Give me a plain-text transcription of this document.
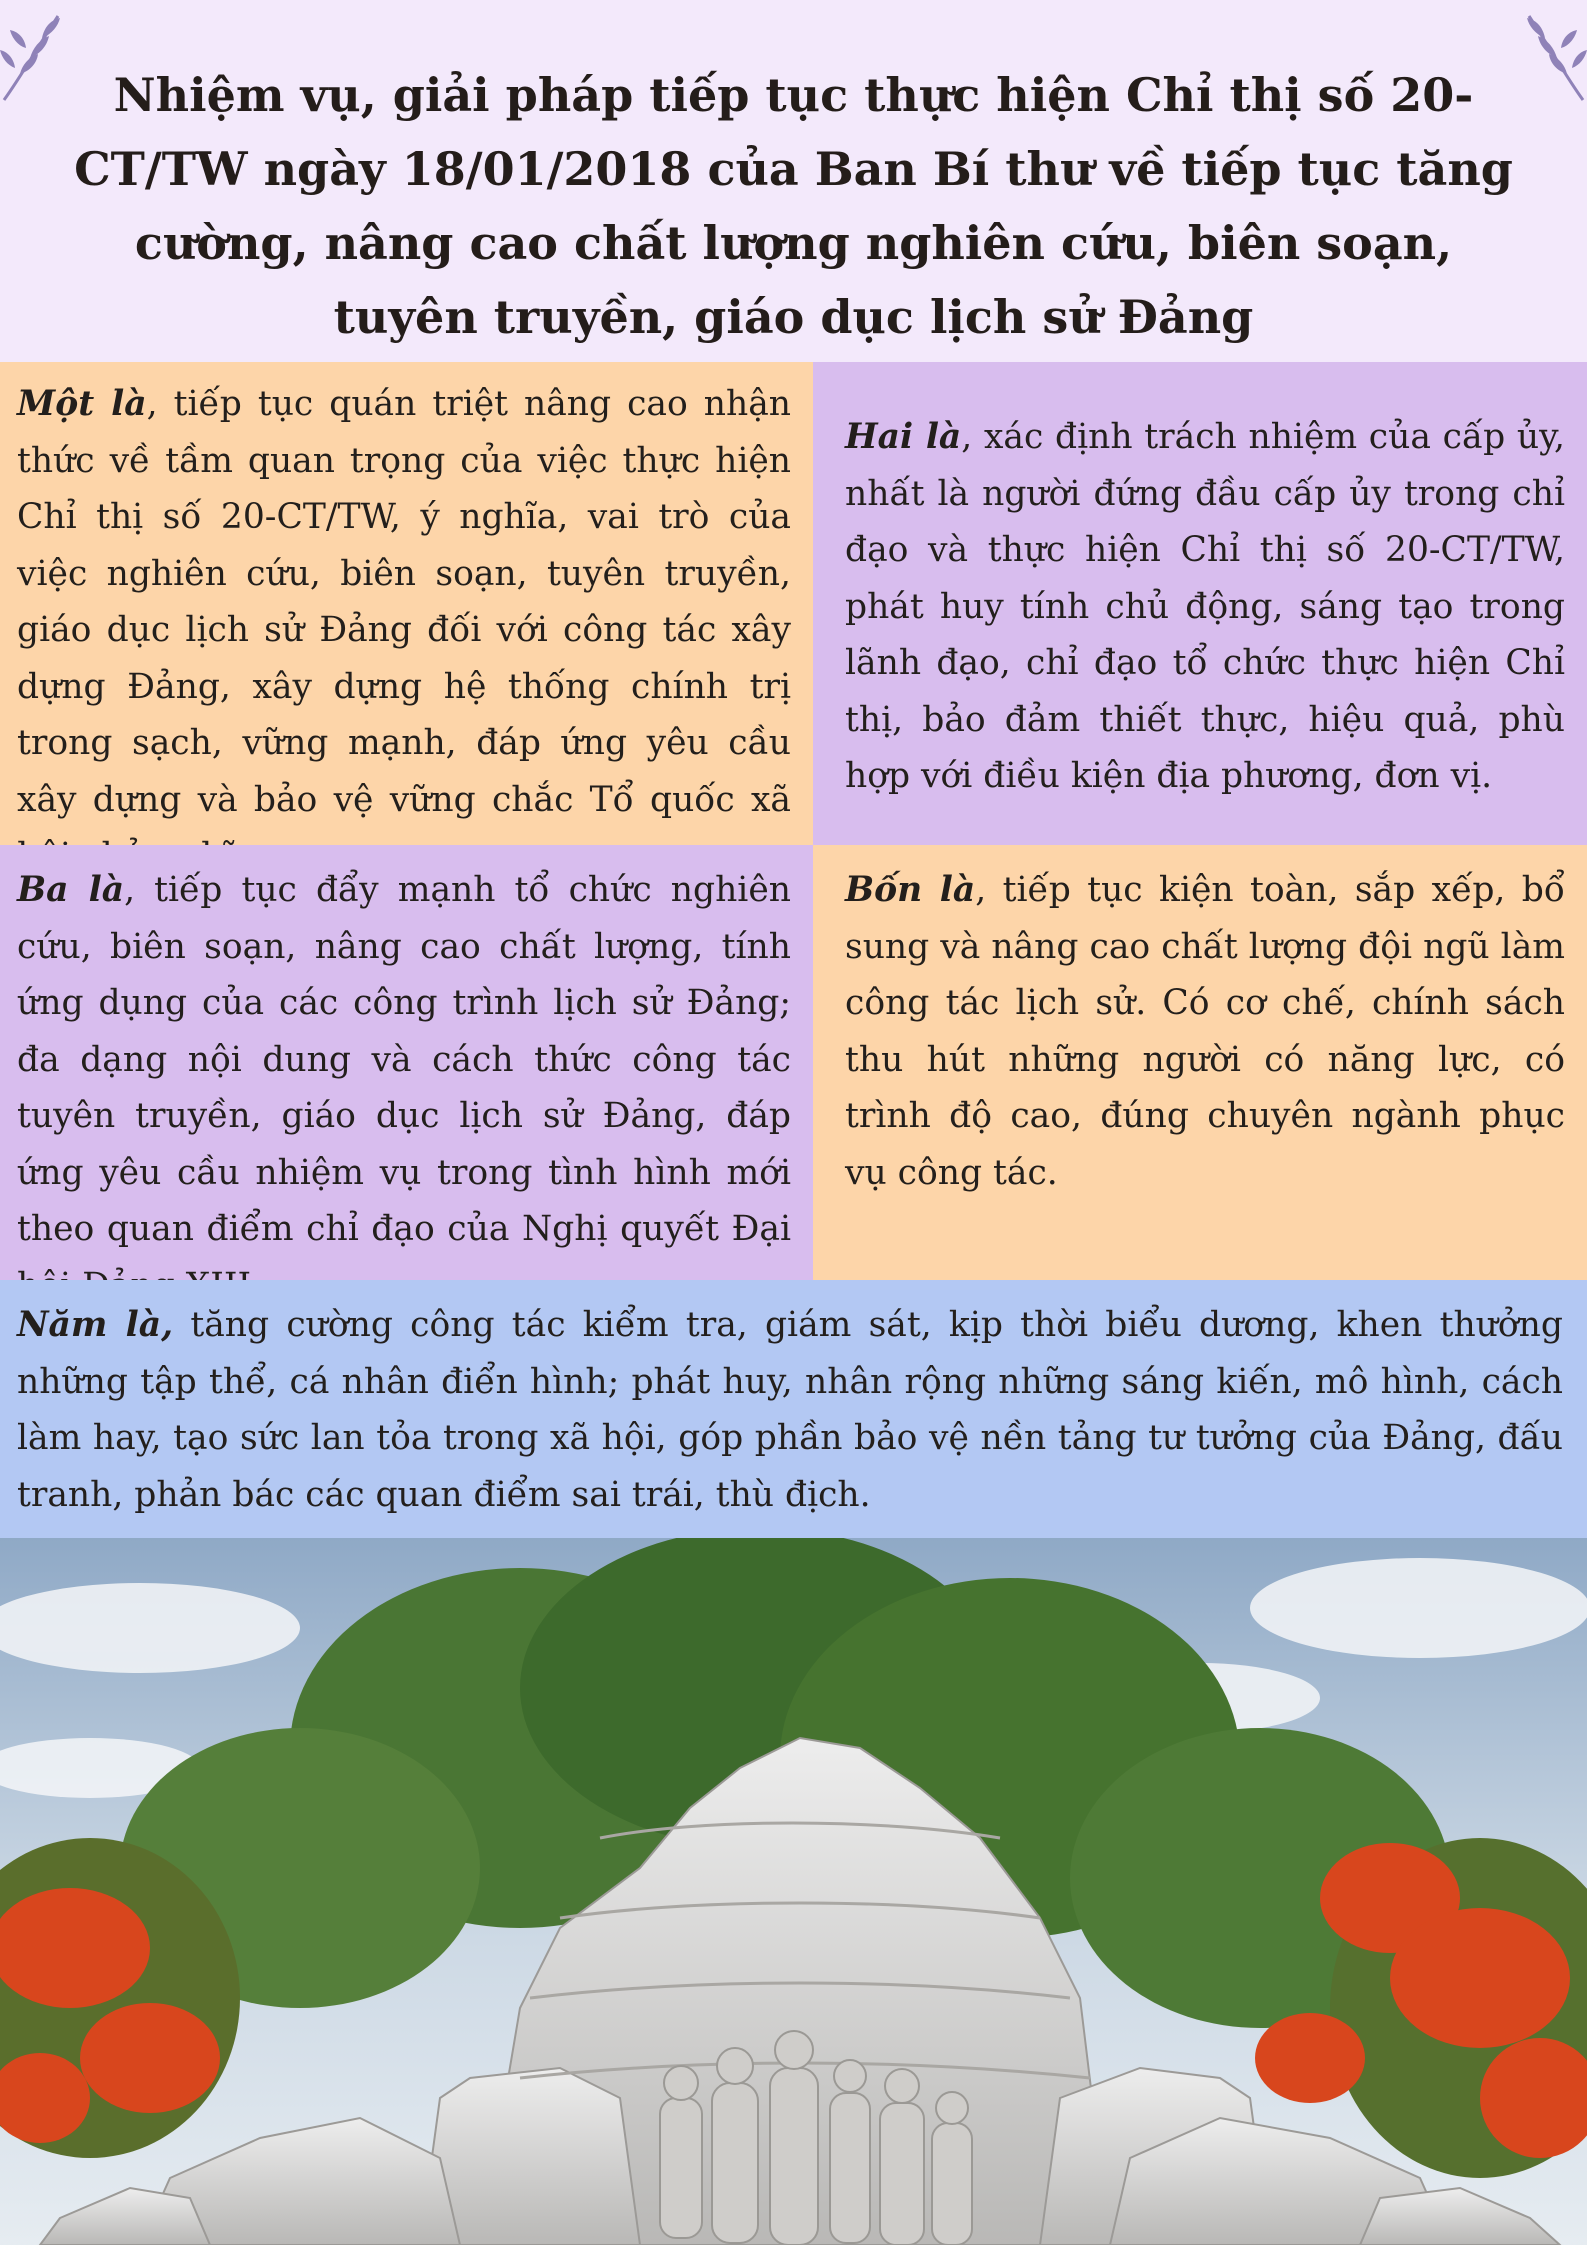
Nhiệm vụ, giải pháp tiếp tục thực hiện Chỉ thị số 20-CT/TW ngày 18/01/2018 của Ban Bí thư về tiếp tục tăng cường, nâng cao chất lượng nghiên cứu, biên soạn, tuyên truyền, giáo dục lịch sử Đảng
Một là, tiếp tục quán triệt nâng cao nhận thức về tầm quan trọng của việc thực hiện Chỉ thị số 20-CT/TW, ý nghĩa, vai trò của việc nghiên cứu, biên soạn, tuyên truyền, giáo dục lịch sử Đảng đối với công tác xây dựng Đảng, xây dựng hệ thống chính trị trong sạch, vững mạnh, đáp ứng yêu cầu xây dựng và bảo vệ vững chắc Tổ quốc xã
Hai là, xác định trách nhiệm của cấp ủy, nhất là người đứng đầu cấp ủy trong chỉ đạo và thực hiện Chỉ thị số 20-CT/TW, phát huy tính chủ động, sáng tạo trong lãnh đạo, chỉ đạo tổ chức thực hiện Chỉ thị, bảo đảm thiết thực, hiệu quả, phù hợp với điều kiện địa phương, đơn vị.
Ba là, tiếp tục đẩy mạnh tổ chức nghiên cứu, biên soạn, nâng cao chất lượng, tính ứng dụng của các công trình lịch sử Đảng; đa dạng nội dung và cách thức công tác tuyên truyền, giáo dục lịch sử Đảng, đáp ứng yêu cầu nhiệm vụ trong tình hình mới theo quan điểm chỉ đạo của Nghị quyết Đại
Bốn là, tiếp tục kiện toàn, sắp xếp, bổ sung và nâng cao chất lượng đội ngũ làm công tác lịch sử. Có cơ chế, chính sách thu hút những người có năng lực, có trình độ cao, đúng chuyên ngành phục vụ công tác.
Năm là, tăng cường công tác kiểm tra, giám sát, kịp thời biểu dương, khen thưởng những tập thể, cá nhân điển hình; phát huy, nhân rộng những sáng kiến, mô hình, cách làm hay, tạo sức lan tỏa trong xã hội, góp phần bảo vệ nền tảng tư tưởng của Đảng, đấu tranh, phản bác các quan điểm sai trái, thù địch.
